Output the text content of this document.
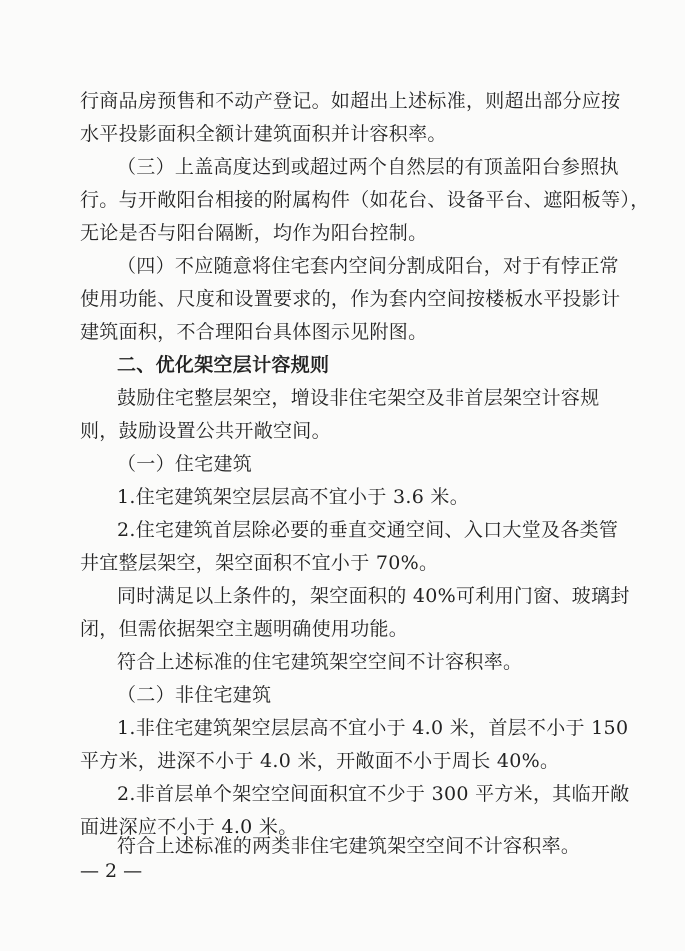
行商品房预售和不动产登记。如超出上述标准，则超出部分应按
水平投影面积全额计建筑面积并计容积率。
（三）上盖高度达到或超过两个自然层的有顶盖阳台参照执
行。与开敞阳台相接的附属构件（如花台、设备平台、遮阳板等），
无论是否与阳台隔断，均作为阳台控制。
（四）不应随意将住宅套内空间分割成阳台，对于有悖正常
使用功能、尺度和设置要求的，作为套内空间按楼板水平投影计
建筑面积，不合理阳台具体图示见附图。
二、优化架空层计容规则
鼓励住宅整层架空，增设非住宅架空及非首层架空计容规
则，鼓励设置公共开敞空间。
（一）住宅建筑
1.住宅建筑架空层层高不宜小于 3.6 米。
2.住宅建筑首层除必要的垂直交通空间、入口大堂及各类管
井宜整层架空，架空面积不宜小于 70%。
同时满足以上条件的，架空面积的 40%可利用门窗、玻璃封
闭，但需依据架空主题明确使用功能。
符合上述标准的住宅建筑架空空间不计容积率。
（二）非住宅建筑
1.非住宅建筑架空层层高不宜小于 4.0 米，首层不小于 150
平方米，进深不小于 4.0 米，开敞面不小于周长 40%。
2.非首层单个架空空间面积宜不少于 300 平方米，其临开敞
面进深应不小于 4.0 米。
符合上述标准的两类非住宅建筑架空空间不计容积率。
— 2 —
